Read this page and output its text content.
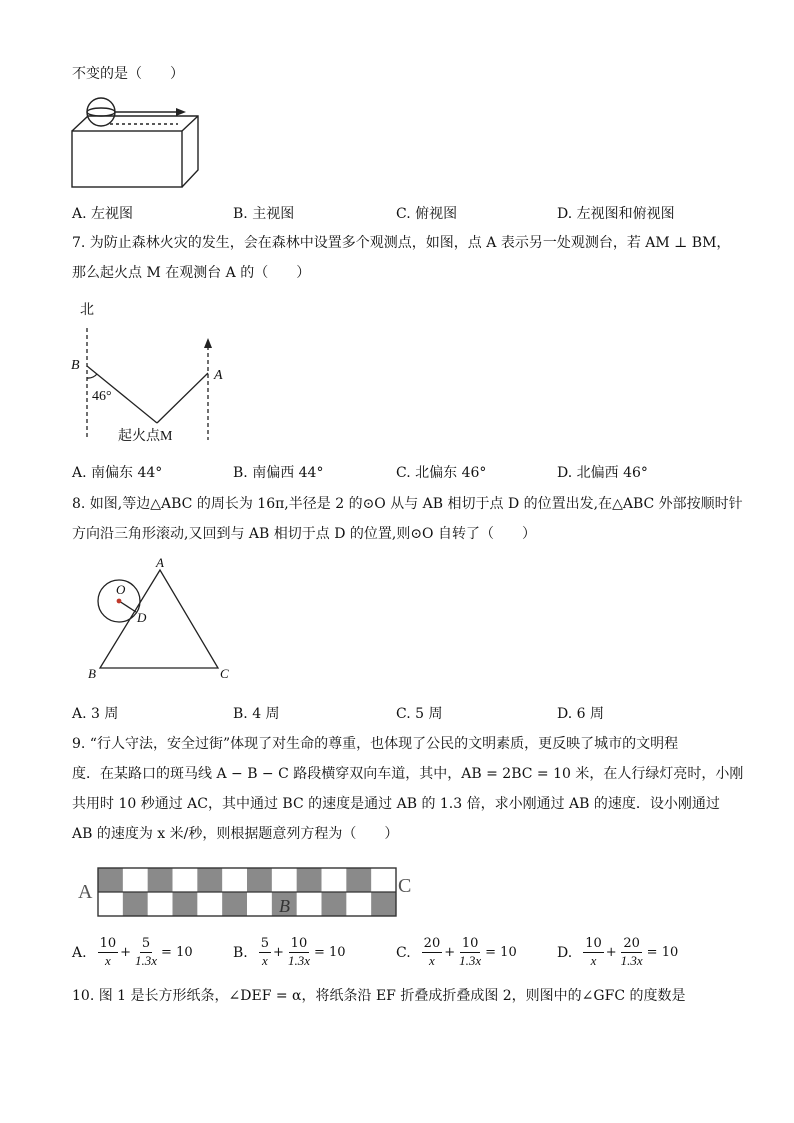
不变的是（　　）
A. 左视图	B. 主视图	C. 俯视图	D. 左视图和俯视图
7. 为防止森林火灾的发生，会在森林中设置多个观测点，如图，点 A 表示另一处观测台，若 AM ⊥ BM，
那么起火点 M 在观测台 A 的（　　）
北
B
A
46°
起火点M
A. 南偏东 44°	B. 南偏西 44°	C. 北偏东 46°	D. 北偏西 46°
8. 如图,等边△ABC 的周长为 16π,半径是 2 的⊙O 从与 AB 相切于点 D 的位置出发,在△ABC 外部按顺时针
方向沿三角形滚动,又回到与 AB 相切于点 D 的位置,则⊙O 自转了（　　）
A
B	C
O
D
A. 3 周	B. 4 周	C. 5 周	D. 6 周
9. “行人守法，安全过街”体现了对生命的尊重，也体现了公民的文明素质，更反映了城市的文明程
度．在某路口的斑马线 A − B − C 路段横穿双向车道，其中，AB = 2BC = 10 米，在人行绿灯亮时，小刚
共用时 10 秒通过 AC，其中通过 BC 的速度是通过 AB 的 1.3 倍，求小刚通过 AB 的速度．设小刚通过
AB 的速度为 x 米/秒，则根据题意列方程为（　　）
A
B
C
A. $\frac{10}{x} + \frac{5}{1.3x} = 10$	B. $\frac{5}{x} + \frac{10}{1.3x} = 10$	C. $\frac{20}{x} + \frac{10}{1.3x} = 10$	D. $\frac{10}{x} + \frac{20}{1.3x} = 10$
10. 图 1 是长方形纸条，∠DEF = α，将纸条沿 EF 折叠成折叠成图 2，则图中的∠GFC 的度数是
